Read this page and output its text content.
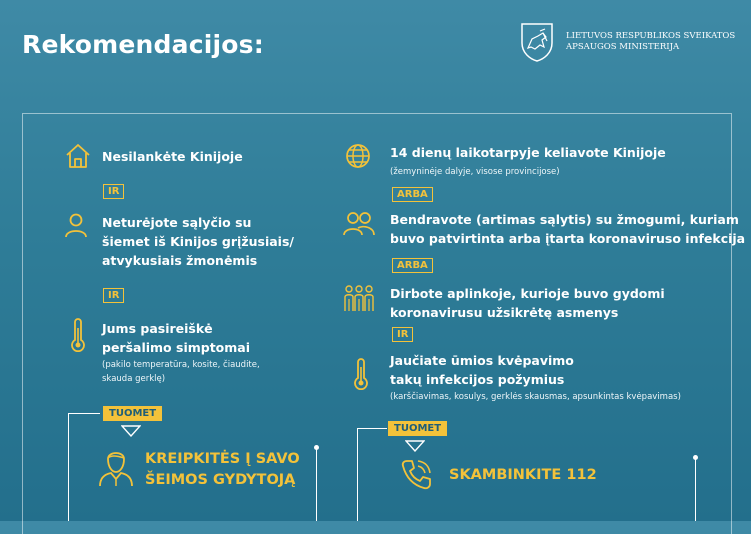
Rekomendacijos:	LIETUVOS RESPUBLIKOS SVEIKATOS
APSAUGOS MINISTERIJA
Nesilankėte Kinijoje
IR
Neturėjote sąlyčio su
šiemet iš Kinijos grįžusiais/
atvykusiais žmonėmis
IR
Jums pasireiškė
peršalimo simptomai
(pakilo temperatūra, kosite, čiaudite,
skauda gerklę)
TUOMET
KREIPKITĖS Į SAVO
ŠEIMOS GYDYTOJĄ
14 dienų laikotarpyje keliavote Kinijoje
(žemyninėje dalyje, visose provincijose)
ARBA
Bendravote (artimas sąlytis) su žmogumi, kuriam
buvo patvirtinta arba įtarta koronaviruso infekcija
ARBA
Dirbote aplinkoje, kurioje buvo gydomi
koronavirusu užsikrėtę asmenys
IR
Jaučiate ūmios kvėpavimo
takų infekcijos požymius
(karščiavimas, kosulys, gerklės skausmas, apsunkintas kvėpavimas)
TUOMET
SKAMBINKITE 112
